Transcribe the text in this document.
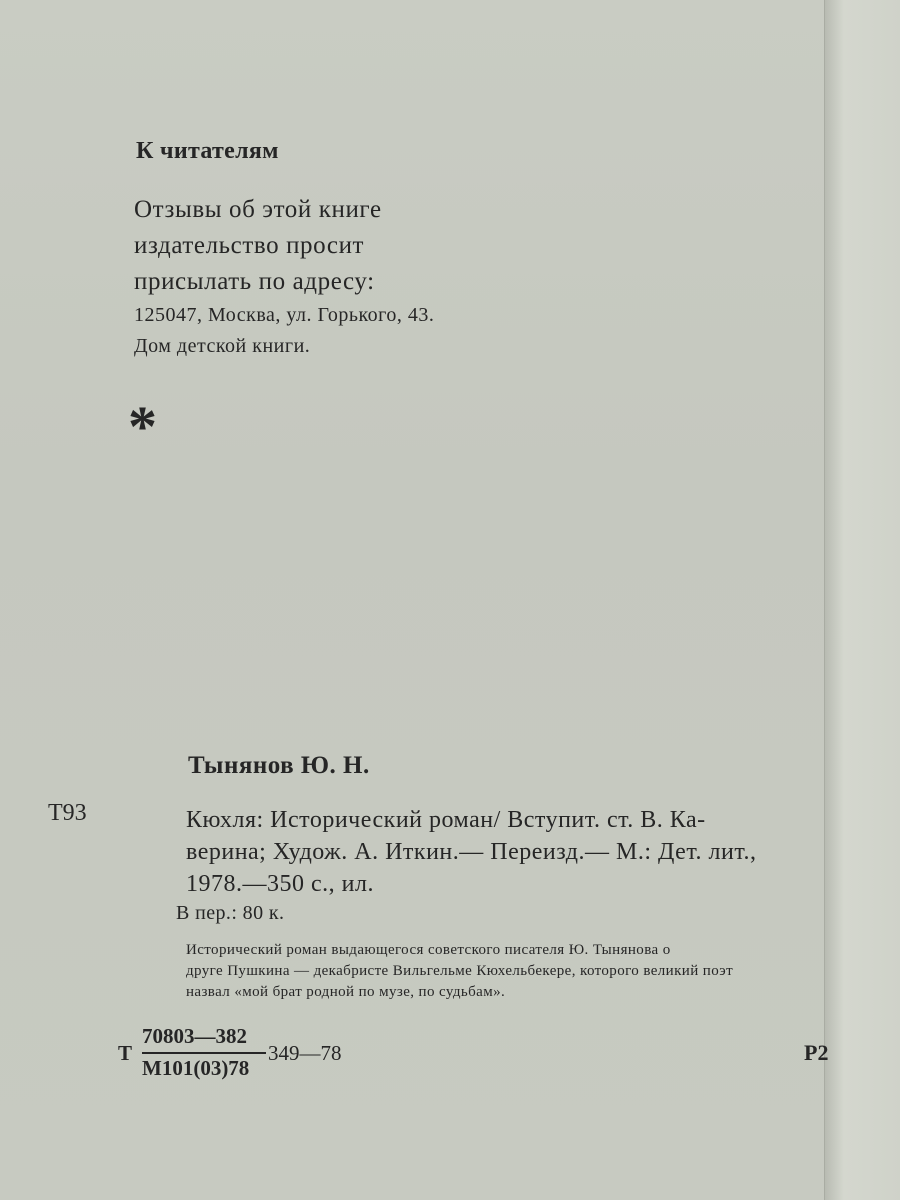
К читателям
Отзывы об этой книге
издательство просит
присылать по адресу:
125047, Москва, ул. Горького, 43.
Дом детской книги.
*
Тынянов Ю. Н.
Т93	Кюхля: Исторический роман/ Вступит. ст. В. Ка-
верина; Худож. А. Иткин.— Переизд.— М.: Дет. лит.,
1978.—350 с., ил.
В пер.: 80 к.
Исторический роман выдающегося советского писателя Ю. Тынянова о
друге Пушкина — декабристе Вильгельме Кюхельбекере, которого великий поэт
назвал «мой брат родной по музе, по судьбам».
Т
70803—382
М101(03)78
349—78	Р2
